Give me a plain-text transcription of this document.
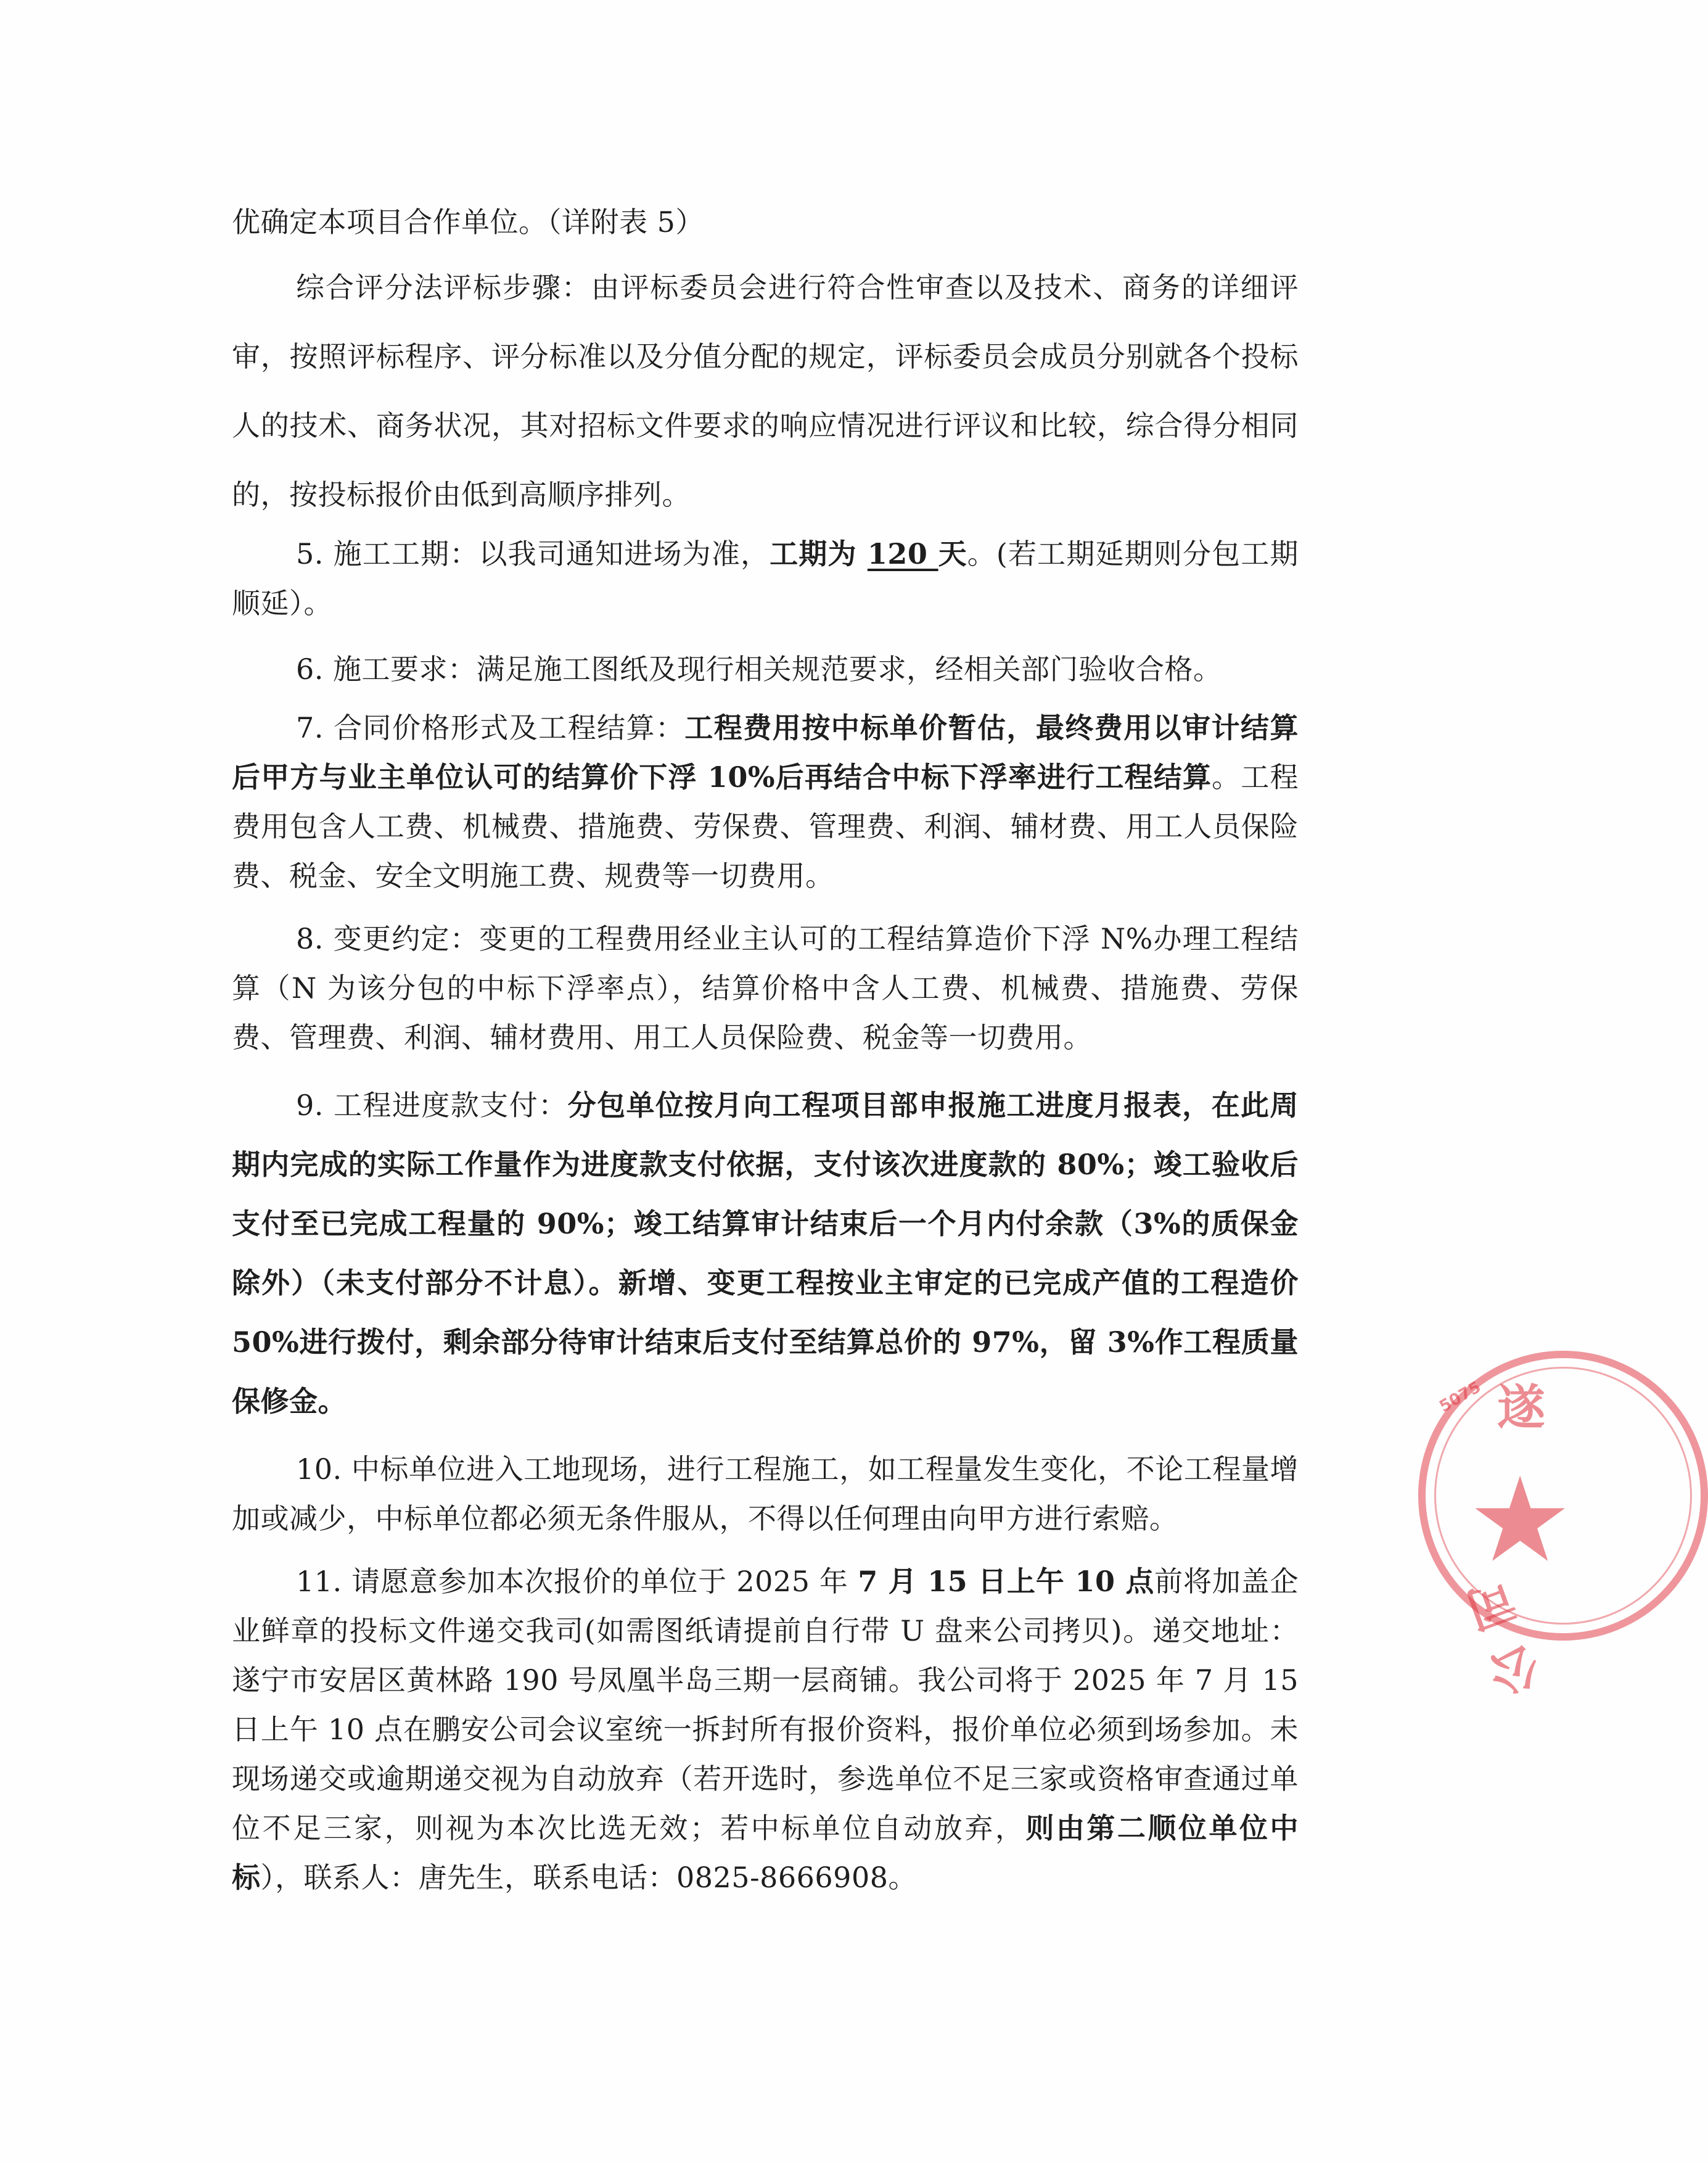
优确定本项目合作单位。（详附表 5）

综合评分法评标步骤：由评标委员会进行符合性审查以及技术、商务的详细评审，按照评标程序、评分标准以及分值分配的规定，评标委员会成员分别就各个投标人的技术、商务状况，其对招标文件要求的响应情况进行评议和比较，综合得分相同的，按投标报价由低到高顺序排列。

5. 施工工期：以我司通知进场为准，工期为 120 天。(若工期延期则分包工期顺延）。

6. 施工要求：满足施工图纸及现行相关规范要求，经相关部门验收合格。

7. 合同价格形式及工程结算：工程费用按中标单价暂估，最终费用以审计结算后甲方与业主单位认可的结算价下浮 10%后再结合中标下浮率进行工程结算。工程费用包含人工费、机械费、措施费、劳保费、管理费、利润、辅材费、用工人员保险费、税金、安全文明施工费、规费等一切费用。

8. 变更约定：变更的工程费用经业主认可的工程结算造价下浮 N%办理工程结算（N 为该分包的中标下浮率点），结算价格中含人工费、机械费、措施费、劳保费、管理费、利润、辅材费用、用工人员保险费、税金等一切费用。

9. 工程进度款支付：分包单位按月向工程项目部申报施工进度月报表，在此周期内完成的实际工作量作为进度款支付依据，支付该次进度款的 80%；竣工验收后支付至已完成工程量的 90%；竣工结算审计结束后一个月内付余款（3%的质保金除外）（未支付部分不计息）。新增、变更工程按业主审定的已完成产值的工程造价 50%进行拨付，剩余部分待审计结束后支付至结算总价的 97%，留 3%作工程质量保修金。

10. 中标单位进入工地现场，进行工程施工，如工程量发生变化，不论工程量增加或减少，中标单位都必须无条件服从，不得以任何理由向甲方进行索赔。

11. 请愿意参加本次报价的单位于 2025 年 7 月 15 日上午 10 点前将加盖企业鲜章的投标文件递交我司(如需图纸请提前自行带 U 盘来公司拷贝)。递交地址：遂宁市安居区黄林路 190 号凤凰半岛三期一层商铺。我公司将于 2025 年 7 月 15 日上午 10 点在鹏安公司会议室统一拆封所有报价资料，报价单位必须到场参加。未现场递交或逾期递交视为自动放弃（若开选时，参选单位不足三家或资格审查通过单位不足三家，则视为本次比选无效；若中标单位自动放弃，则由第二顺位单位中标），联系人：唐先生，联系电话：0825-8666908。

★
遂
公司
5075
